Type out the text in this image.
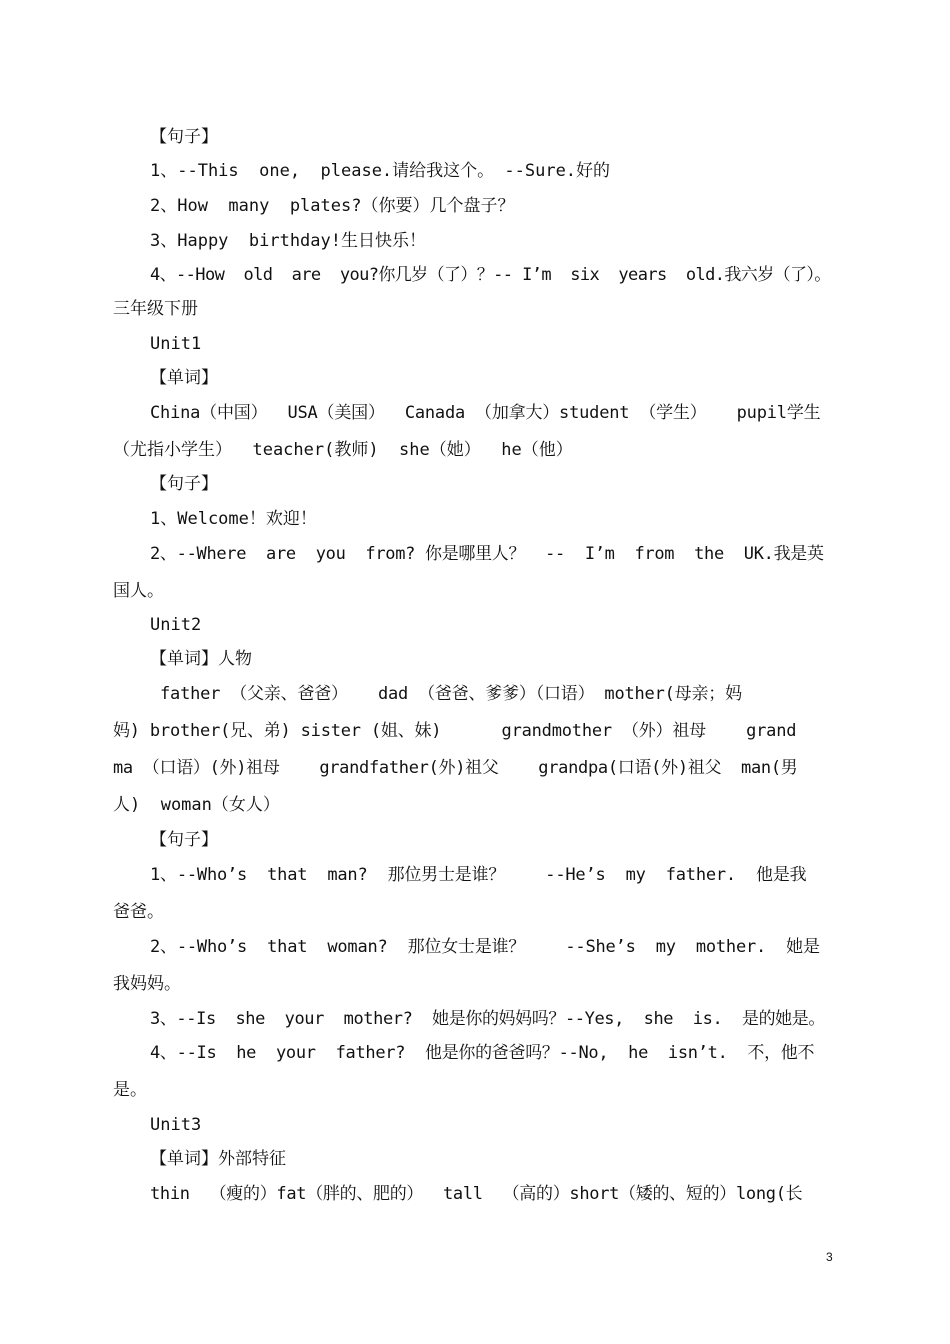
【句子】
1、--This  one,  please.请给我这个。 --Sure.好的
2、How  many  plates?（你要）几个盘子？
3、Happy  birthday!生日快乐！
4、--How  old  are  you?你几岁（了）？-- I’m  six  years  old.我六岁（了）。
三年级下册
Unit1
【单词】
China（中国）  USA（美国）  Canada （加拿大）student （学生）   pupil学生
（尤指小学生）  teacher(教师)  she（她）  he（他）
【句子】
1、Welcome！欢迎！
2、--Where  are  you  from? 你是哪里人？  --  I’m  from  the  UK.我是英
国人。
Unit2
【单词】人物
father （父亲、爸爸）   dad （爸爸、爹爹）（口语） mother(母亲；妈
妈) brother(兄、弟) sister (姐、妹)      grandmother （外）祖母    grand
ma （口语）(外)祖母    grandfather(外)祖父    grandpa(口语(外)祖父  man(男
人)  woman（女人）
【句子】
1、--Who’s  that  man?  那位男士是谁？    --He’s  my  father.  他是我
爸爸。
2、--Who’s  that  woman?  那位女士是谁？    --She’s  my  mother.  她是
我妈妈。
3、--Is  she  your  mother?  她是你的妈妈吗？--Yes,  she  is.  是的她是。
4、--Is  he  your  father?  他是你的爸爸吗？--No,  he  isn’t.  不，他不
是。
Unit3
【单词】外部特征
thin  （瘦的）fat（胖的、肥的）  tall  （高的）short（矮的、短的）long(长
3
